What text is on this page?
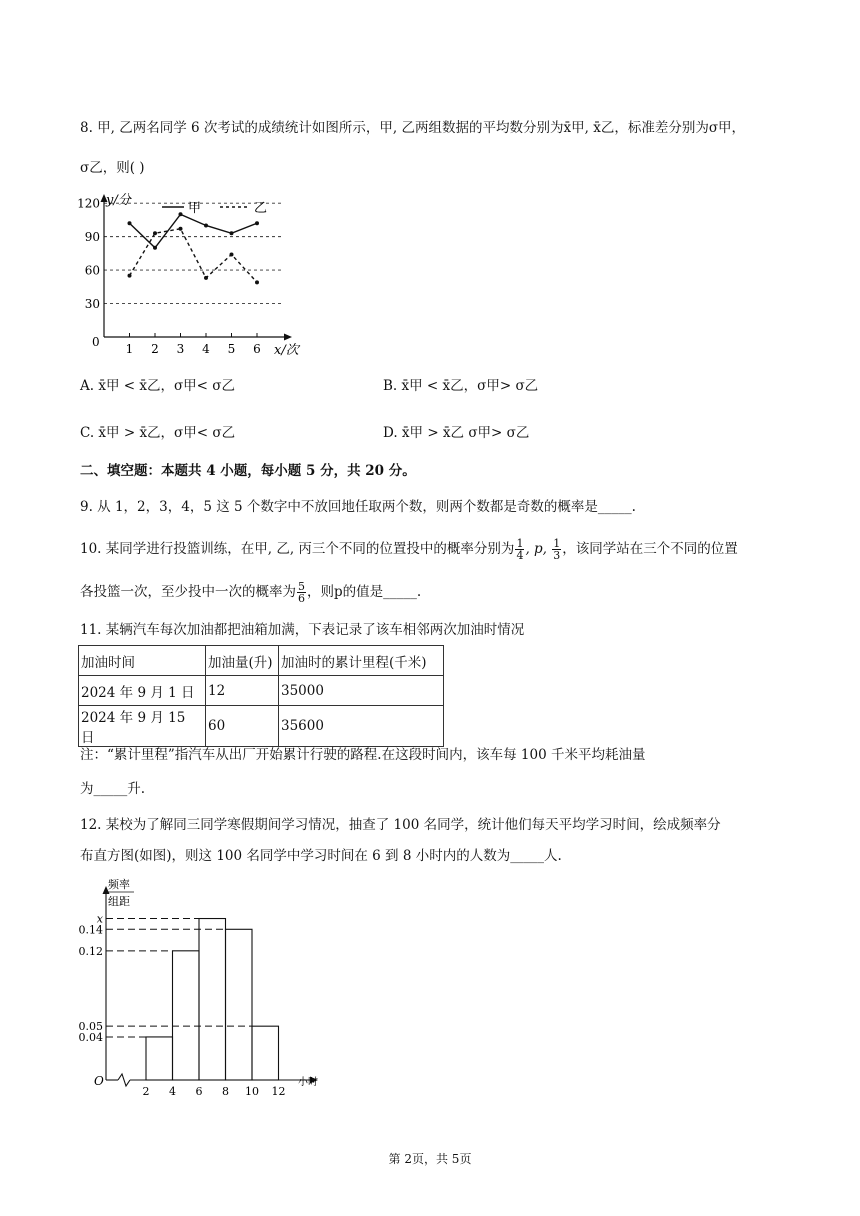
8. 甲, 乙两名同学 6 次考试的成绩统计如图所示，甲, 乙两组数据的平均数分别为x̄甲, x̄乙，标准差分别为σ甲，
σ乙，则( )
y/分
x/次
0
甲	乙
30
60
90
120
1 2 3 4 5 6
A. x̄甲 < x̄乙，σ甲< σ乙	B. x̄甲 < x̄乙，σ甲> σ乙
C. x̄甲 > x̄乙，σ甲< σ乙	D. x̄甲 > x̄乙 σ甲> σ乙
二、填空题：本题共 4 小题，每小题 5 分，共 20 分。
9. 从 1，2，3，4，5 这 5 个数字中不放回地任取两个数，则两个数都是奇数的概率是_____.
10. 某同学进行投篮训练，在甲, 乙, 丙三个不同的位置投中的概率分别为 $\frac{1}{4}$ , p, $\frac{1}{3}$ ，该同学站在三个不同的位置
各投篮一次，至少投中一次的概率为 $\frac{5}{6}$ ，则p的值是_____.
11. 某辆汽车每次加油都把油箱加满，下表记录了该车相邻两次加油时情况
加油时间	加油量(升)	加油时的累计里程(千米)
2024 年 9 月 1 日	12	35000
2024 年 9 月 15 日	60	35600
注：“累计里程”指汽车从出厂开始累计行驶的路程.在这段时间内，该车每 100 千米平均耗油量
为_____升.
12. 某校为了解同三同学寒假期间学习情况，抽查了 100 名同学，统计他们每天平均学习时间，绘成频率分
布直方图(如图)，则这 100 名同学中学习时间在 6 到 8 小时内的人数为_____人.
频率
组距
O	小时
0.04
0.12
x
0.14
0.05
2 4 6 8 10 12
第 2页，共 5页
